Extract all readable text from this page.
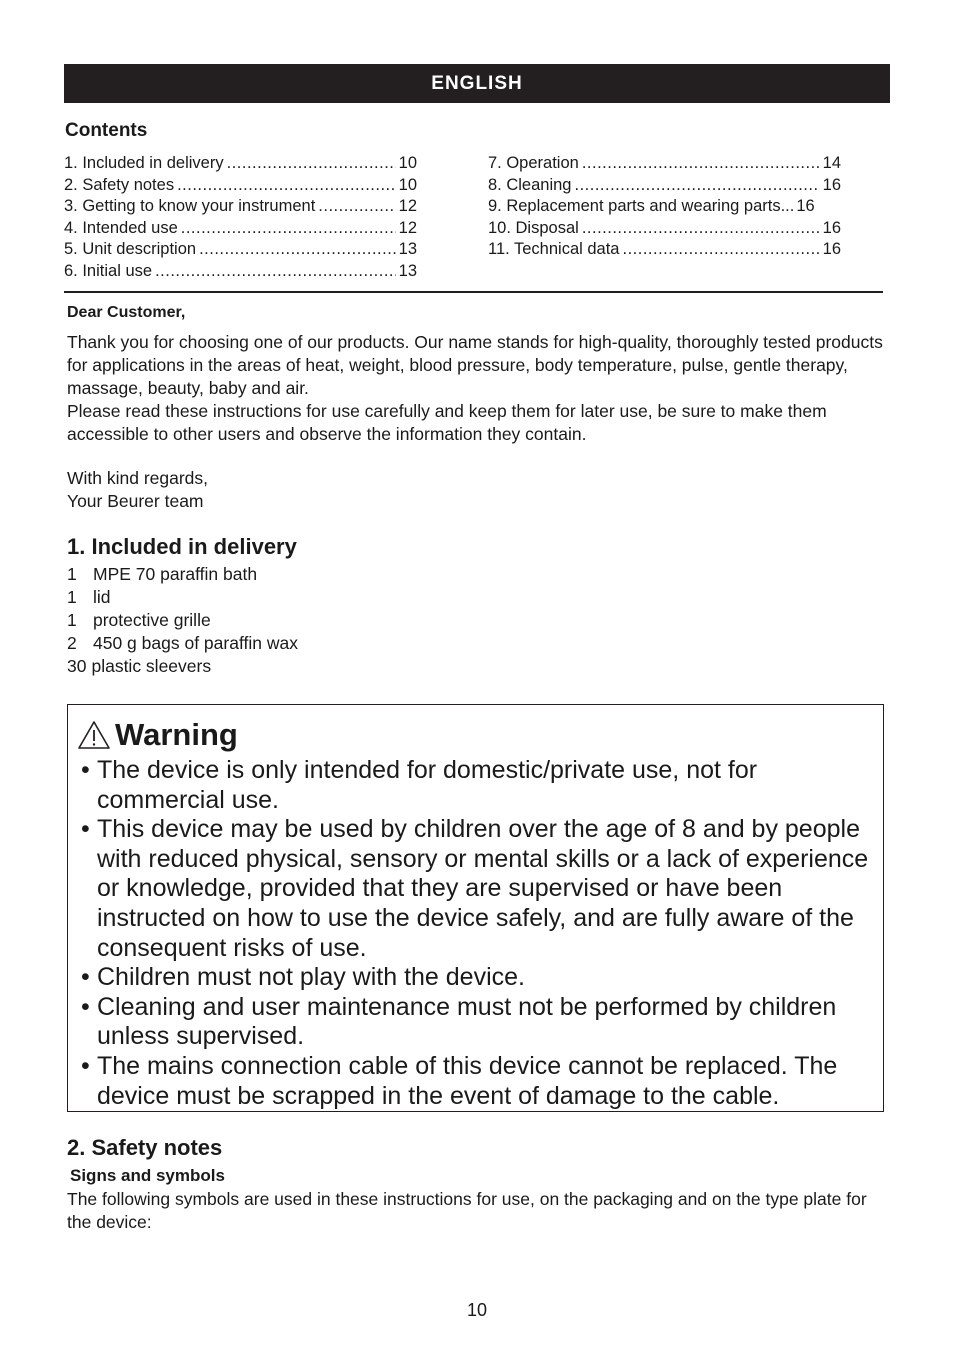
ENGLISH
Contents
1. Included in delivery .....	10
2. Safety notes .....	10
3. Getting to know your instrument .....	12
4. Intended use .....	12
5. Unit description .....	13
6. Initial use .....	13
7. Operation .....	14
8. Cleaning .....	16
9. Replacement parts and wearing parts... 16
10. Disposal .....	16
11. Technical data .....	16
Dear Customer,

Thank you for choosing one of our products. Our name stands for high-quality, thoroughly tested products for applications in the areas of heat, weight, blood pressure, body temperature, pulse, gentle therapy, massage, beauty, baby and air.

Please read these instructions for use carefully and keep them for later use, be sure to make them accessible to other users and observe the information they contain.

With kind regards,
Your Beurer team
1. Included in delivery
1 MPE 70 paraffin bath
1 lid
1 protective grille
2 450 g bags of paraffin wax
30 plastic sleevers
Warning
• The device is only intended for domestic/private use, not for commercial use.
• This device may be used by children over the age of 8 and by people with reduced physical, sensory or mental skills or a lack of experience or knowledge, provided that they are supervised or have been instructed on how to use the device safely, and are fully aware of the consequent risks of use.
• Children must not play with the device.
• Cleaning and user maintenance must not be performed by children unless supervised.
• The mains connection cable of this device cannot be replaced. The device must be scrapped in the event of damage to the cable.
2. Safety notes
Signs and symbols
The following symbols are used in these instructions for use, on the packaging and on the type plate for the device:
10
